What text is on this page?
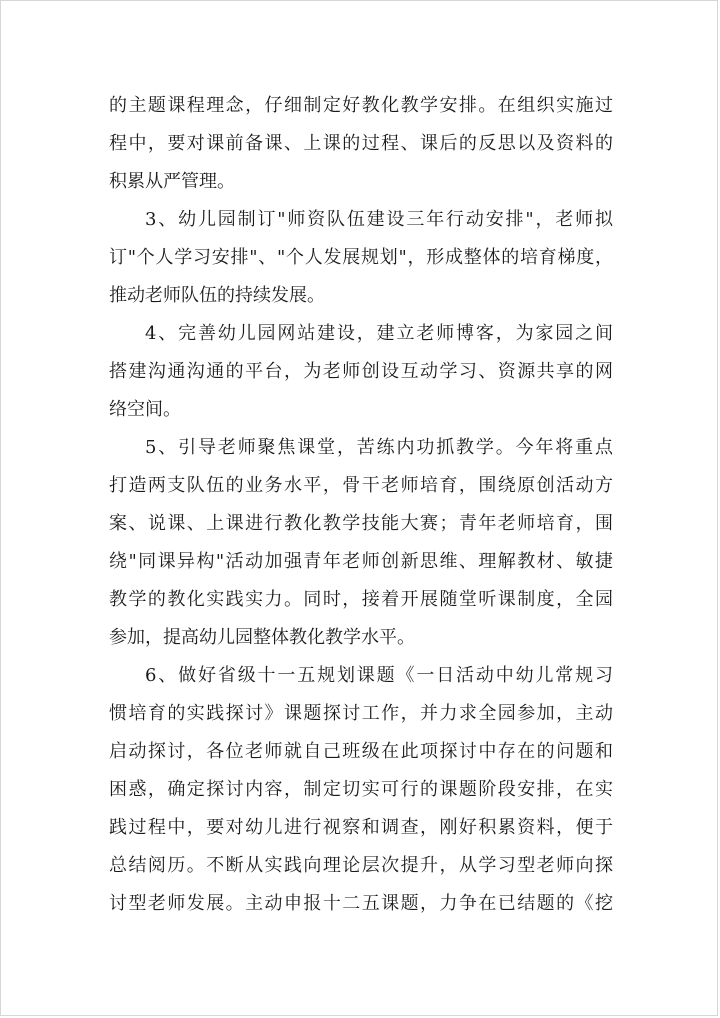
的主题课程理念，仔细制定好教化教学安排。在组织实施过
程中，要对课前备课、上课的过程、课后的反思以及资料的
积累从严管理。
3、幼儿园制订"师资队伍建设三年行动安排"，老师拟
订"个人学习安排"、"个人发展规划"，形成整体的培育梯度，
推动老师队伍的持续发展。
4、完善幼儿园网站建设，建立老师博客，为家园之间
搭建沟通沟通的平台，为老师创设互动学习、资源共享的网
络空间。
5、引导老师聚焦课堂，苦练内功抓教学。今年将重点
打造两支队伍的业务水平，骨干老师培育，围绕原创活动方
案、说课、上课进行教化教学技能大赛；青年老师培育，围
绕"同课异构"活动加强青年老师创新思维、理解教材、敏捷
教学的教化实践实力。同时，接着开展随堂听课制度，全园
参加，提高幼儿园整体教化教学水平。
6、做好省级十一五规划课题《一日活动中幼儿常规习
惯培育的实践探讨》课题探讨工作，并力求全园参加，主动
启动探讨，各位老师就自己班级在此项探讨中存在的问题和
困惑，确定探讨内容，制定切实可行的课题阶段安排，在实
践过程中，要对幼儿进行视察和调查，刚好积累资料，便于
总结阅历。不断从实践向理论层次提升，从学习型老师向探
讨型老师发展。主动申报十二五课题，力争在已结题的《挖
